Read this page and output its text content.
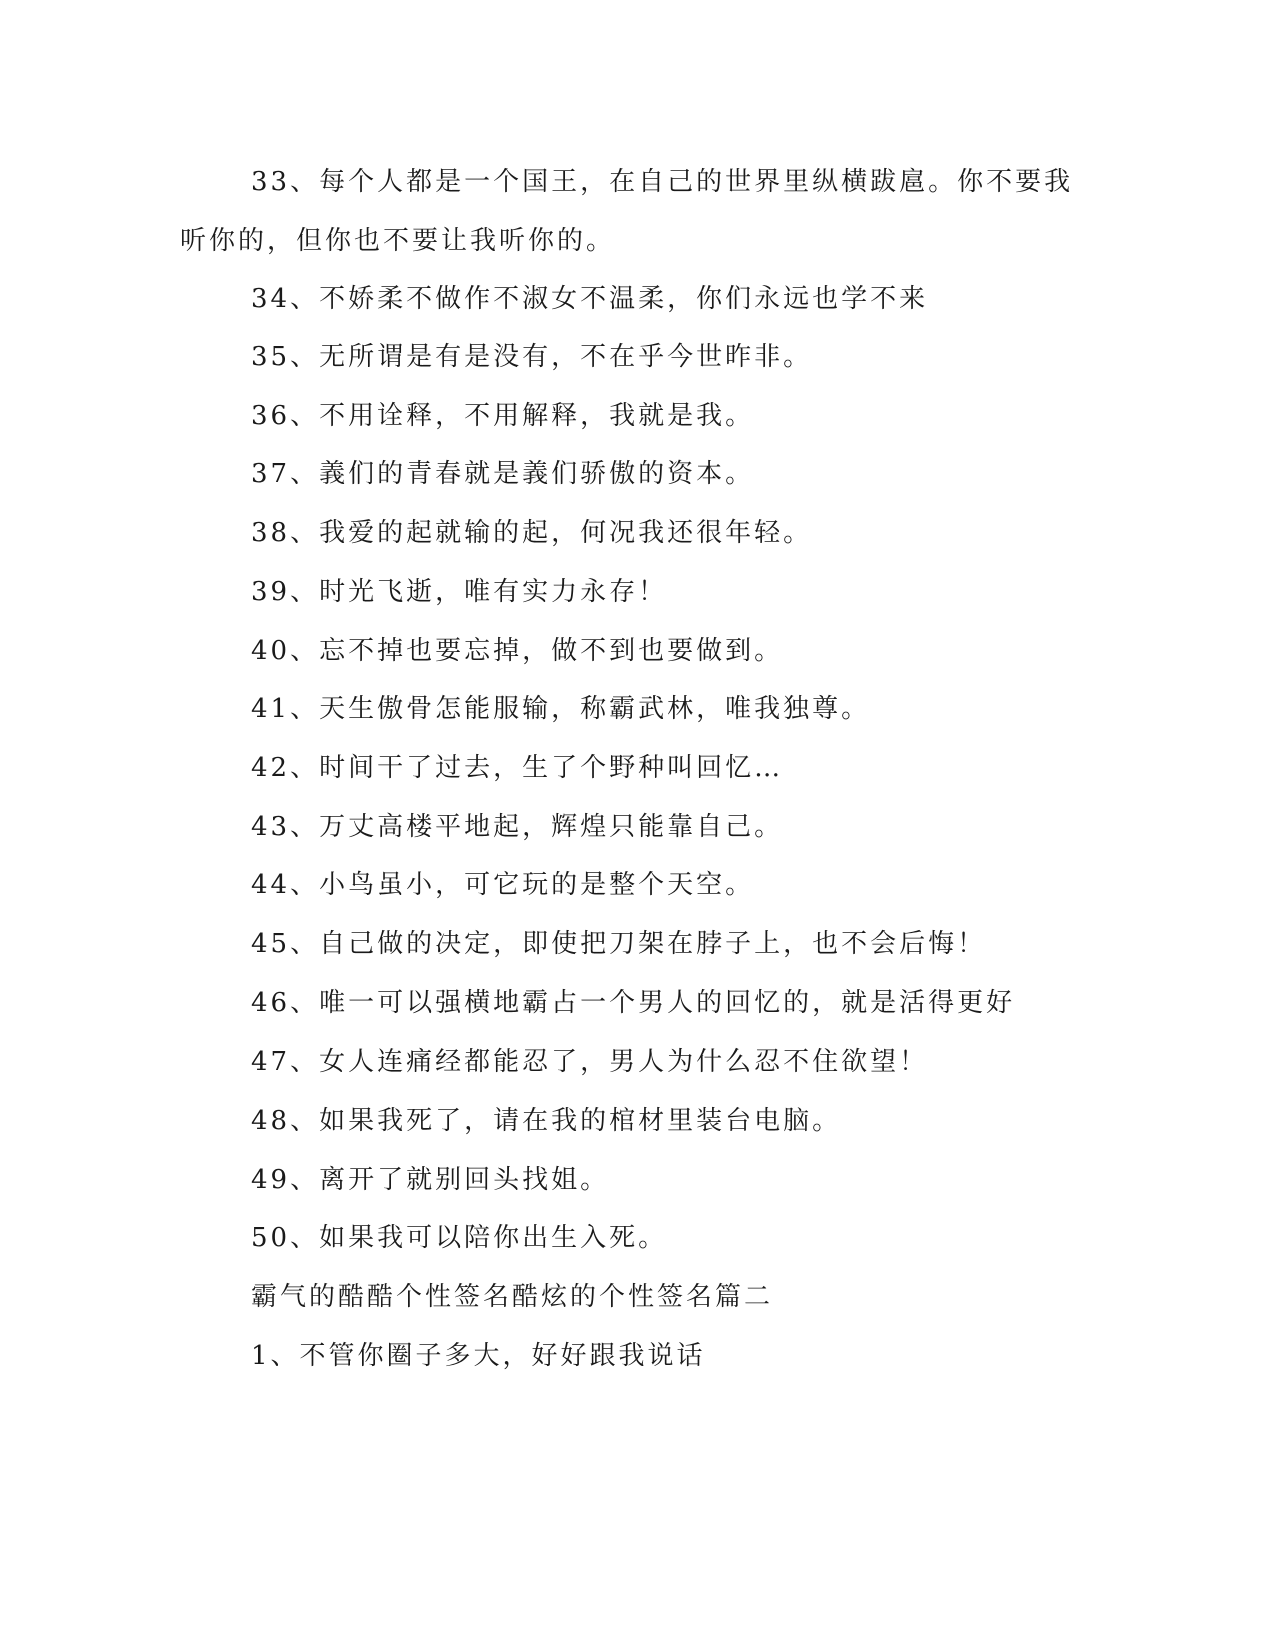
33、每个人都是一个国王，在自己的世界里纵横跋扈。你不要我
听你的，但你也不要让我听你的。
34、不娇柔不做作不淑女不温柔，你们永远也学不来
35、无所谓是有是没有，不在乎今世昨非。
36、不用诠释，不用解释，我就是我。
37、義们的青春就是義们骄傲的资本。
38、我爱的起就输的起，何况我还很年轻。
39、时光飞逝，唯有实力永存！
40、忘不掉也要忘掉，做不到也要做到。
41、天生傲骨怎能服输，称霸武林，唯我独尊。
42、时间干了过去，生了个野种叫回忆…
43、万丈高楼平地起，辉煌只能靠自己。
44、小鸟虽小，可它玩的是整个天空。
45、自己做的决定，即使把刀架在脖子上，也不会后悔！
46、唯一可以强横地霸占一个男人的回忆的，就是活得更好
47、女人连痛经都能忍了，男人为什么忍不住欲望！
48、如果我死了，请在我的棺材里装台电脑。
49、离开了就别回头找姐。
50、如果我可以陪你出生入死。
霸气的酷酷个性签名酷炫的个性签名篇二
1、不管你圈子多大，好好跟我说话
